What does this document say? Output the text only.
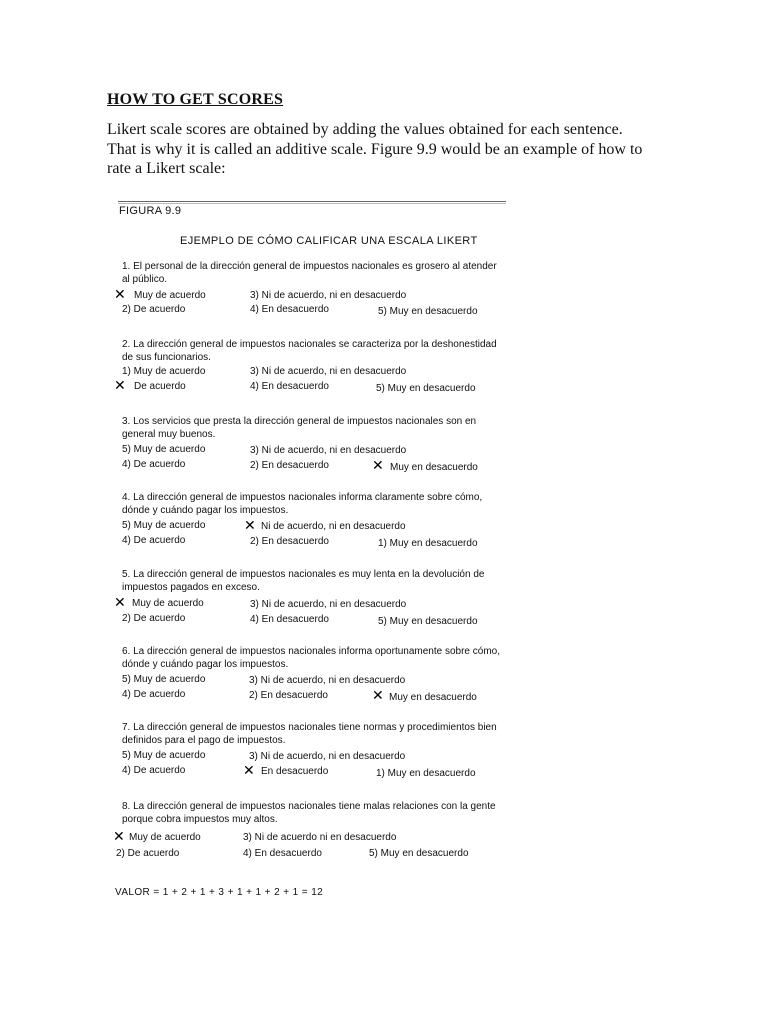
HOW TO GET SCORES
Likert scale scores are obtained by adding the values obtained for each sentence. That is why it is called an additive scale. Figure 9.9 would be an example of how to rate a Likert scale:
FIGURA 9.9
EJEMPLO DE CÓMO CALIFICAR UNA ESCALA LIKERT
1. El personal de la dirección general de impuestos nacionales es grosero al atender al público.
✕ Muy de acuerdo	3) Ni de acuerdo, ni en desacuerdo
2) De acuerdo	4) En desacuerdo	5) Muy en desacuerdo
2. La dirección general de impuestos nacionales se caracteriza por la deshonestidad de sus funcionarios.
1) Muy de acuerdo	3) Ni de acuerdo, ni en desacuerdo
✕ De acuerdo	4) En desacuerdo	5) Muy en desacuerdo
3. Los servicios que presta la dirección general de impuestos nacionales son en general muy buenos.
5) Muy de acuerdo	3) Ni de acuerdo, ni en desacuerdo
4) De acuerdo	2) En desacuerdo	✕ Muy en desacuerdo
4. La dirección general de impuestos nacionales informa claramente sobre cómo, dónde y cuándo pagar los impuestos.
5) Muy de acuerdo	✕ Ni de acuerdo, ni en desacuerdo
4) De acuerdo	2) En desacuerdo	1) Muy en desacuerdo
5. La dirección general de impuestos nacionales es muy lenta en la devolución de impuestos pagados en exceso.
✕ Muy de acuerdo	3) Ni de acuerdo, ni en desacuerdo
2) De acuerdo	4) En desacuerdo	5) Muy en desacuerdo
6. La dirección general de impuestos nacionales informa oportunamente sobre cómo, dónde y cuándo pagar los impuestos.
5) Muy de acuerdo	3) Ni de acuerdo, ni en desacuerdo
4) De acuerdo	2) En desacuerdo	✕ Muy en desacuerdo
7. La dirección general de impuestos nacionales tiene normas y procedimientos bien definidos para el pago de impuestos.
5) Muy de acuerdo	3) Ni de acuerdo, ni en desacuerdo
4) De acuerdo	✕ En desacuerdo	1) Muy en desacuerdo
8. La dirección general de impuestos nacionales tiene malas relaciones con la gente porque cobra impuestos muy altos.
✕ Muy de acuerdo	3) Ni de acuerdo ni en desacuerdo
2) De acuerdo	4) En desacuerdo	5) Muy en desacuerdo
VALOR = 1 + 2 + 1 + 3 + 1 + 1 + 2 + 1 = 12
